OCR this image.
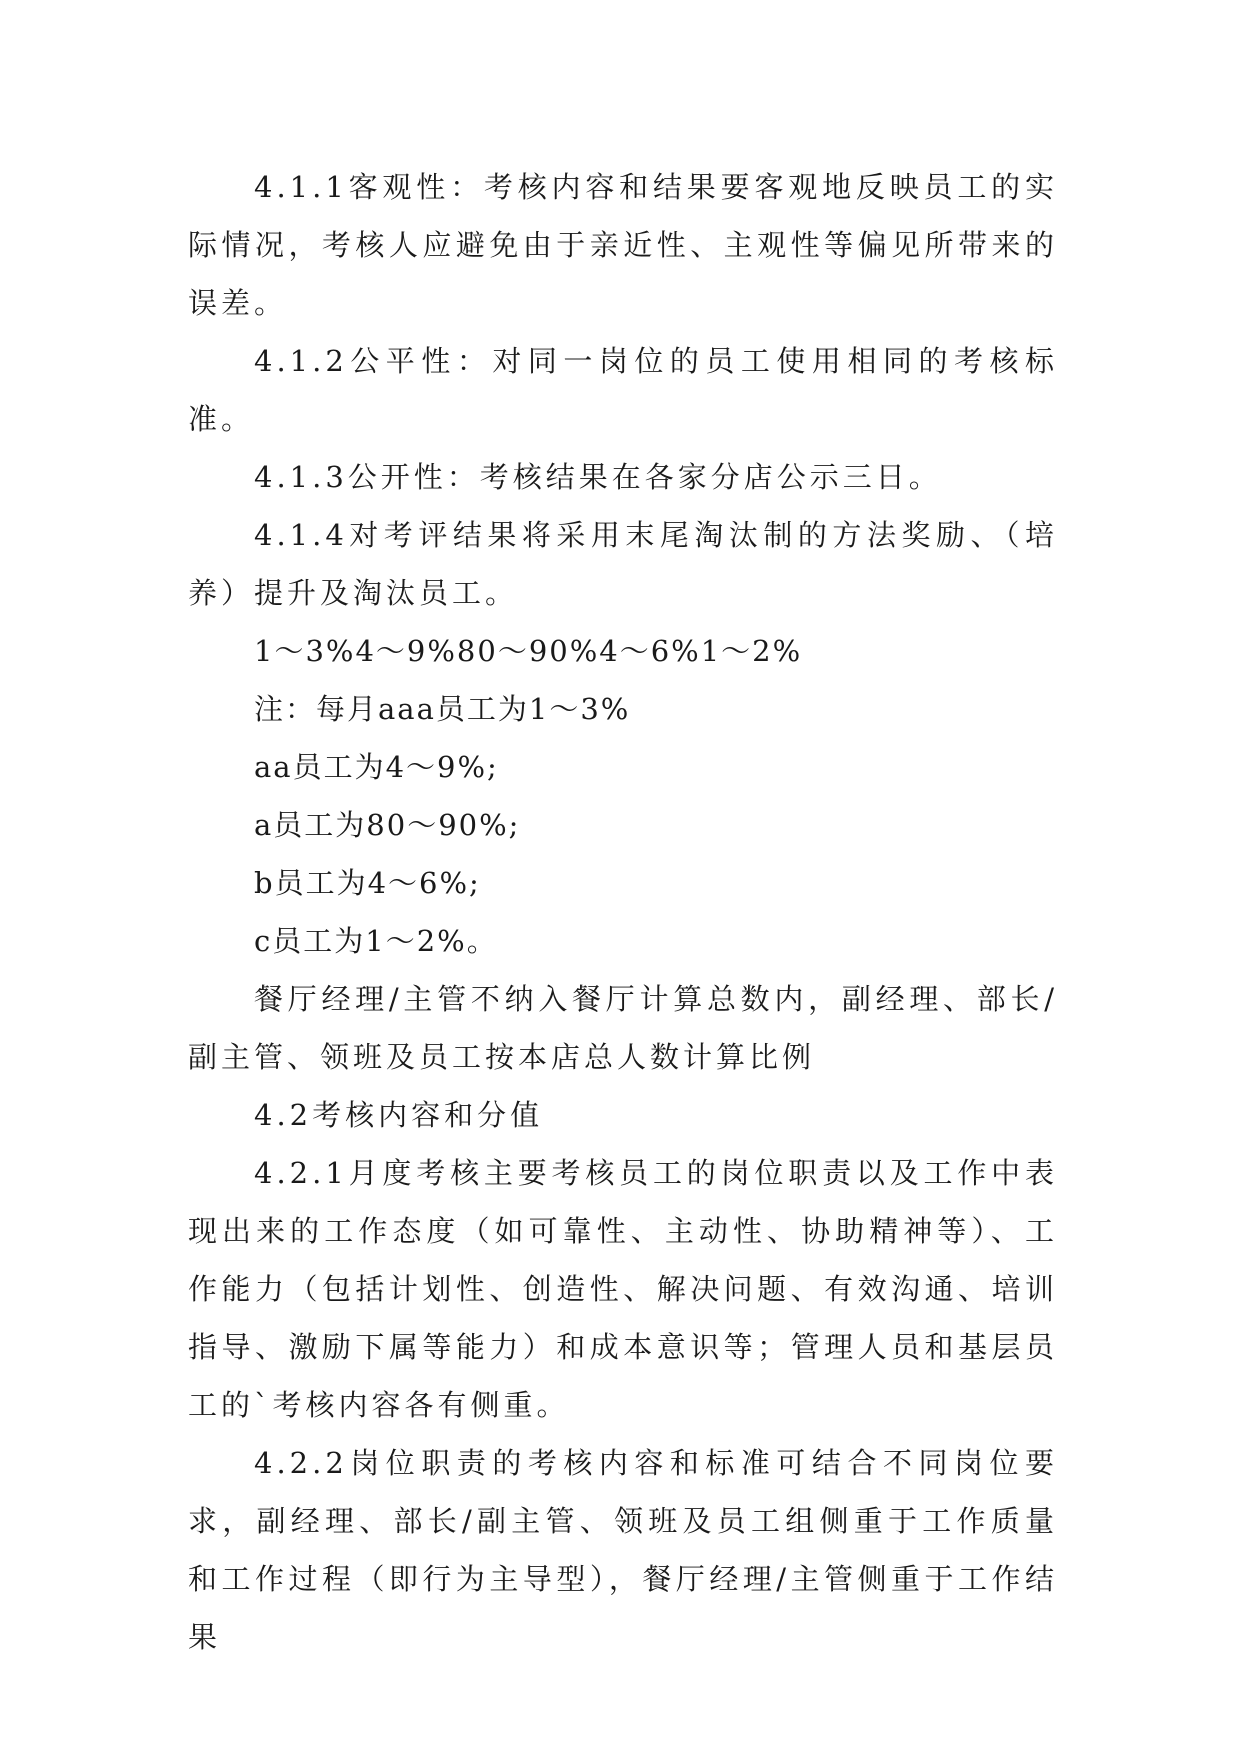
4.1.1客观性：考核内容和结果要客观地反映员工的实际情况，考核人应避免由于亲近性、主观性等偏见所带来的误差。

4.1.2公平性：对同一岗位的员工使用相同的考核标准。

4.1.3公开性：考核结果在各家分店公示三日。

4.1.4对考评结果将采用末尾淘汰制的方法奖励、（培养）提升及淘汰员工。

1～3%4～9%80～90%4～6%1～2%

注：每月aaa员工为1～3%

aa员工为4～9%;

a员工为80～90%;

b员工为4～6%;

c员工为1～2%。

餐厅经理/主管不纳入餐厅计算总数内，副经理、部长/副主管、领班及员工按本店总人数计算比例

4.2考核内容和分值

4.2.1月度考核主要考核员工的岗位职责以及工作中表现出来的工作态度（如可靠性、主动性、协助精神等）、工作能力（包括计划性、创造性、解决问题、有效沟通、培训指导、激励下属等能力）和成本意识等；管理人员和基层员工的`考核内容各有侧重。

4.2.2岗位职责的考核内容和标准可结合不同岗位要求，副经理、部长/副主管、领班及员工组侧重于工作质量和工作过程（即行为主导型），餐厅经理/主管侧重于工作结果
